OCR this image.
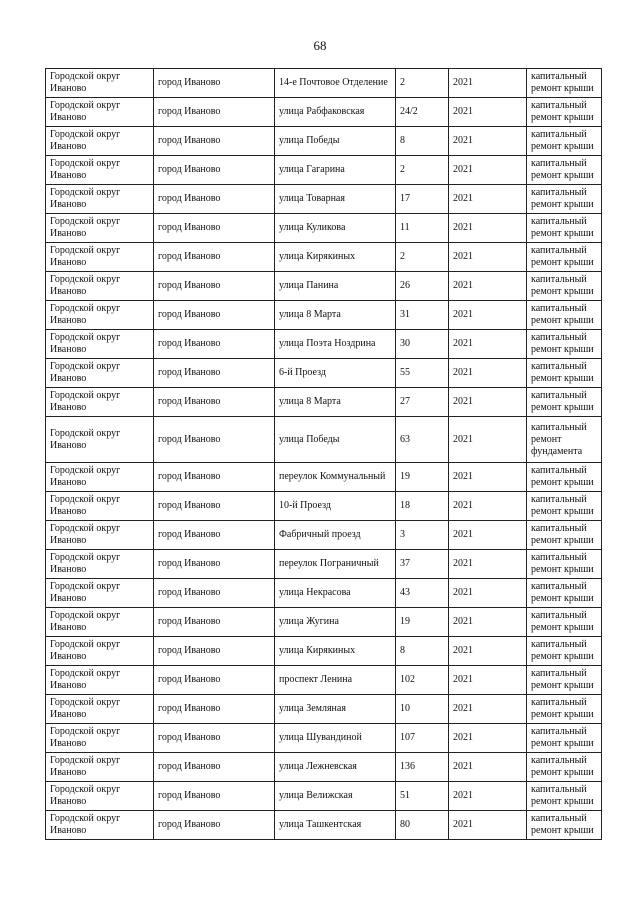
68
Городской округ Иваново	город Иваново	14-е Почтовое Отделение	2	2021	капитальный ремонт крыши
Городской округ Иваново	город Иваново	улица Рабфаковская	24/2	2021	капитальный ремонт крыши
Городской округ Иваново	город Иваново	улица Победы	8	2021	капитальный ремонт крыши
Городской округ Иваново	город Иваново	улица Гагарина	2	2021	капитальный ремонт крыши
Городской округ Иваново	город Иваново	улица Товарная	17	2021	капитальный ремонт крыши
Городской округ Иваново	город Иваново	улица Куликова	11	2021	капитальный ремонт крыши
Городской округ Иваново	город Иваново	улица Кирякиных	2	2021	капитальный ремонт крыши
Городской округ Иваново	город Иваново	улица Панина	26	2021	капитальный ремонт крыши
Городской округ Иваново	город Иваново	улица 8 Марта	31	2021	капитальный ремонт крыши
Городской округ Иваново	город Иваново	улица Поэта Ноздрина	30	2021	капитальный ремонт крыши
Городской округ Иваново	город Иваново	6-й Проезд	55	2021	капитальный ремонт крыши
Городской округ Иваново	город Иваново	улица 8 Марта	27	2021	капитальный ремонт крыши
Городской округ Иваново	город Иваново	улица Победы	63	2021	капитальный ремонт фундамента
Городской округ Иваново	город Иваново	переулок Коммунальный	19	2021	капитальный ремонт крыши
Городской округ Иваново	город Иваново	10-й Проезд	18	2021	капитальный ремонт крыши
Городской округ Иваново	город Иваново	Фабричный проезд	3	2021	капитальный ремонт крыши
Городской округ Иваново	город Иваново	переулок Пограничный	37	2021	капитальный ремонт крыши
Городской округ Иваново	город Иваново	улица Некрасова	43	2021	капитальный ремонт крыши
Городской округ Иваново	город Иваново	улица Жугина	19	2021	капитальный ремонт крыши
Городской округ Иваново	город Иваново	улица Кирякиных	8	2021	капитальный ремонт крыши
Городской округ Иваново	город Иваново	проспект Ленина	102	2021	капитальный ремонт крыши
Городской округ Иваново	город Иваново	улица Земляная	10	2021	капитальный ремонт крыши
Городской округ Иваново	город Иваново	улица Шувандиной	107	2021	капитальный ремонт крыши
Городской округ Иваново	город Иваново	улица Лежневская	136	2021	капитальный ремонт крыши
Городской округ Иваново	город Иваново	улица Велижская	51	2021	капитальный ремонт крыши
Городской округ Иваново	город Иваново	улица Ташкентская	80	2021	капитальный ремонт крыши
